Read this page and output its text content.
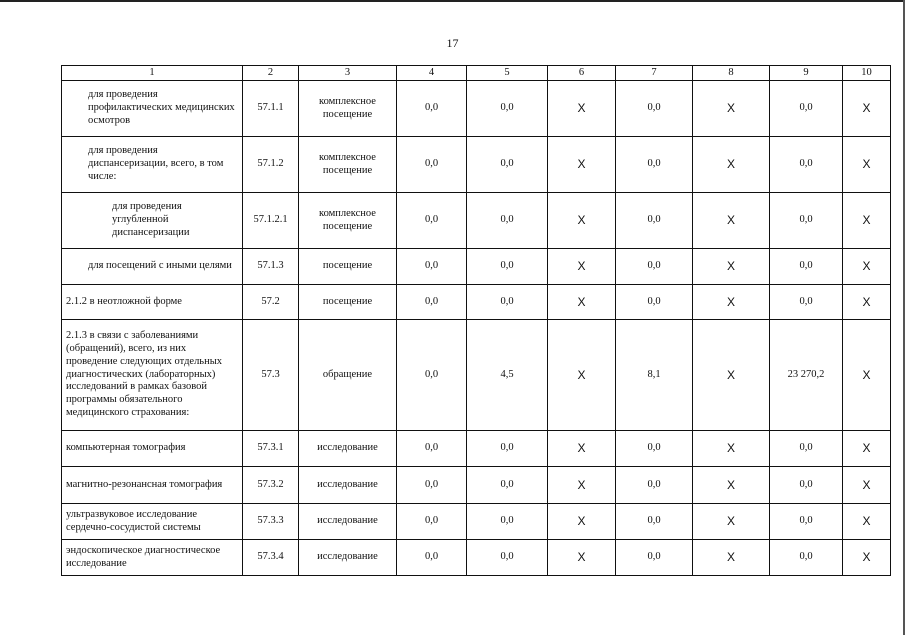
17
1	2	3	4	5	6	7	8	9	10
для проведения профилактических медицинских осмотров	57.1.1	комплексное посещение	0,0	0,0	Х	0,0	Х	0,0	Х
для проведения диспансеризации, всего, в том числе:	57.1.2	комплексное посещение	0,0	0,0	Х	0,0	Х	0,0	Х
для проведения углубленной диспансеризации	57.1.2.1	комплексное посещение	0,0	0,0	Х	0,0	Х	0,0	Х
для посещений с иными целями	57.1.3	посещение	0,0	0,0	Х	0,0	Х	0,0	Х
2.1.2 в неотложной форме	57.2	посещение	0,0	0,0	Х	0,0	Х	0,0	Х
2.1.3 в связи с заболеваниями (обращений), всего, из них проведение следующих отдельных диагностических (лабораторных) исследований в рамках базовой программы обязательного медицинского страхования:	57.3	обращение	0,0	4,5	Х	8,1	Х	23 270,2	Х
компьютерная томография	57.3.1	исследование	0,0	0,0	Х	0,0	Х	0,0	Х
магнитно-резонансная томография	57.3.2	исследование	0,0	0,0	Х	0,0	Х	0,0	Х
ультразвуковое исследование сердечно-сосудистой системы	57.3.3	исследование	0,0	0,0	Х	0,0	Х	0,0	Х
эндоскопическое диагностическое исследование	57.3.4	исследование	0,0	0,0	Х	0,0	Х	0,0	Х
